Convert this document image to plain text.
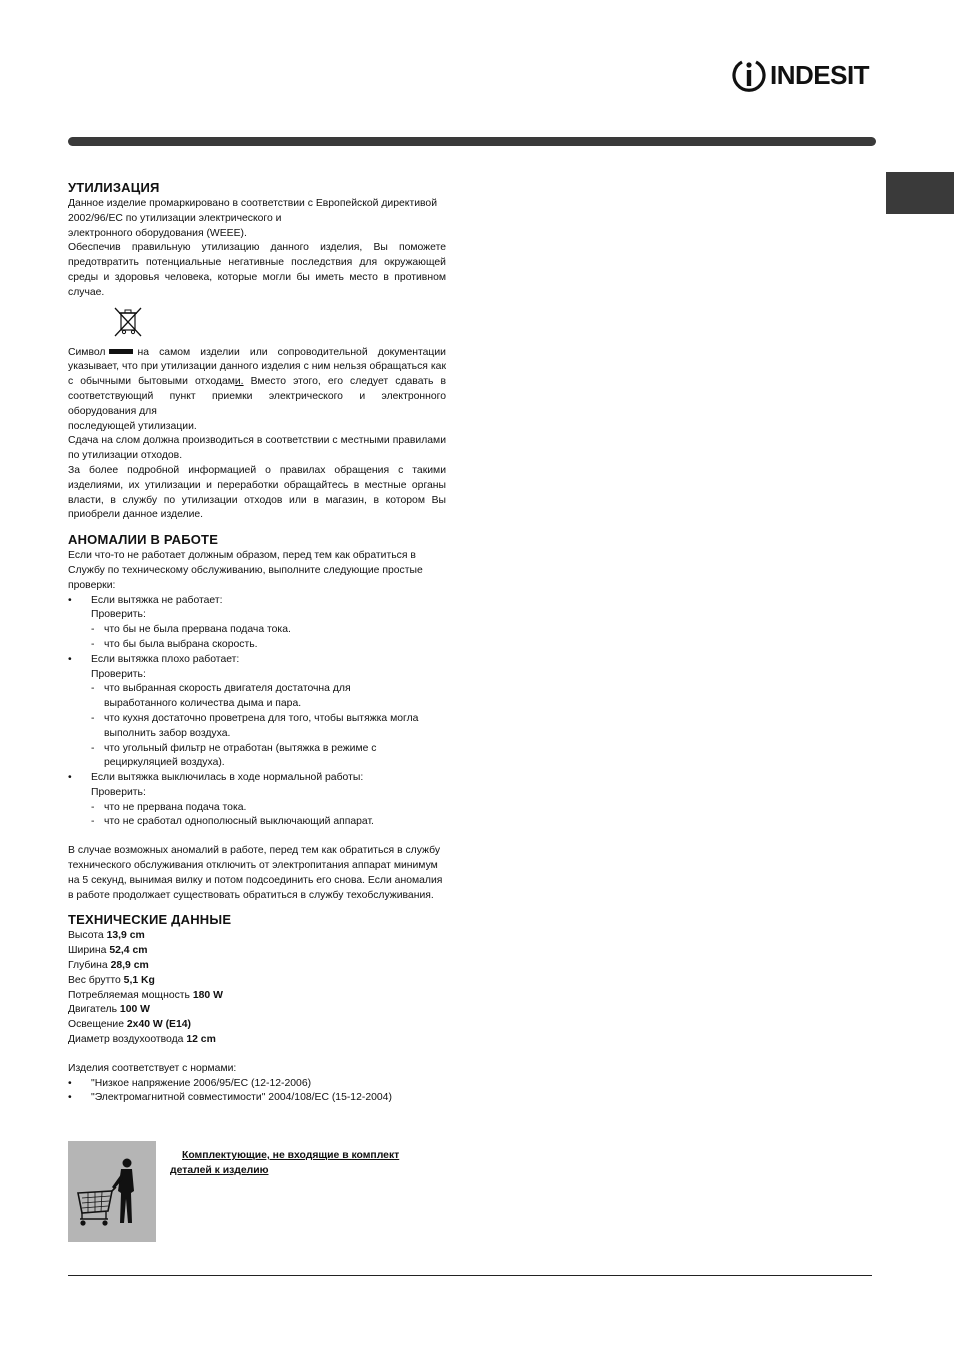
INDESIT
УТИЛИЗАЦИЯ

Данное изделие промаркировано в соответствии с Европейской директивой 2002/96/ЕС по утилизации электрического и

электронного оборудования (WEEE).

Обеспечив правильную утилизацию данного изделия, Вы поможете предотвратить потенциальные негативные последствия для окружающей среды и здоровья человека, которые могли бы иметь место в противном случае.

Символ	на самом изделии или сопроводительной документации указывает, что при утилизации данного изделия с ним нельзя обращаться как с обычными бытовыми отходами. Вместо этого, его следует сдавать в соответствующий пункт приемки электрического и электронного оборудования для

последующей утилизации.

Сдача на слом должна производиться в соответствии с местными правилами по утилизации отходов.

За более подробной информацией о правилах обращения с такими изделиями, их утилизации и переработки обращайтесь в местные органы власти, в службу по утилизации отходов или в магазин, в котором Вы приобрели данное изделие.

АНОМАЛИИ В РАБОТЕ

Если что-то не работает должным образом, перед тем как обратиться в Службу по техническому обслуживанию, выполните следующие простые проверки:

• Если вытяжка не работает:
Проверить:
- что бы не была прервана подача тока.
- что бы была выбрана скорость.
• Если вытяжка плохо работает:
Проверить:
- что выбранная скорость двигателя достаточна для выработанного количества дыма и пара.
- что кухня достаточно проветрена для того, чтобы вытяжка могла выполнить забор воздуха.
- что угольный фильтр не отработан (вытяжка в режиме с рециркуляцией воздуха).
• Если вытяжка выключилась в ходе нормальной работы:
Проверить:
- что не прервана подача тока.
- что не сработал однополюсный выключающий аппарат.

В случае возможных аномалий в работе, перед тем как обратиться в службу технического обслуживания отключить от электропитания аппарат минимум на 5 секунд, вынимая вилку и потом подсоединить его снова. Если аномалия в работе продолжает существовать обратиться в службу техобслуживания.

ТЕХНИЧЕСКИЕ ДАННЫЕ
Высота 13,9 cm
Ширина 52,4 cm
Глубина 28,9 cm
Вес брутто 5,1 Kg
Потребляемая мощность 180 W
Двигатель 100 W
Освещение 2x40 W (E14)
Диаметр воздухоотвода 12 cm

Изделия соответствует с нормами:

• "Низкое напряжение 2006/95/EC (12-12-2006)
• "Электромагнитной совместимости" 2004/108/EC (15-12-2004)
Комплектующие, не входящие в комплект
деталей к изделию
